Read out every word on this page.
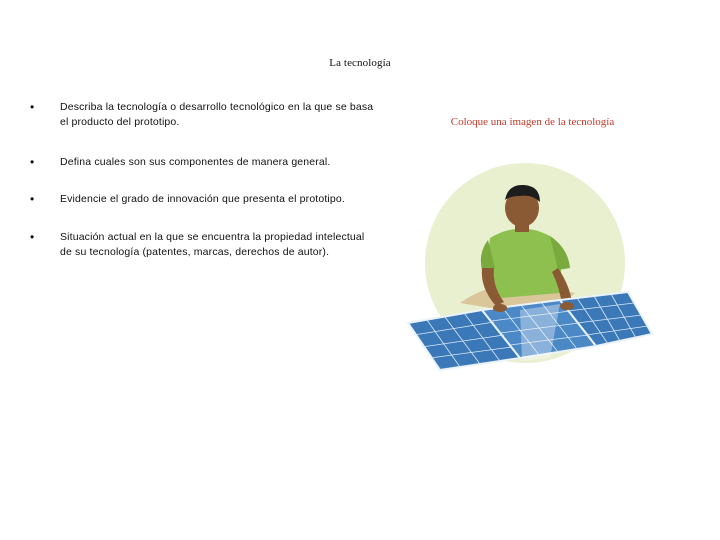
La tecnología
• Describa la tecnología o desarrollo tecnológico en la que se basa el producto del prototipo.
• Defina cuales son sus componentes de manera general.
• Evidencie el grado de innovación que presenta el prototipo.
• Situación actual en la que se encuentra la propiedad intelectual de su tecnología (patentes, marcas, derechos de autor).
Coloque una imagen de la tecnología
